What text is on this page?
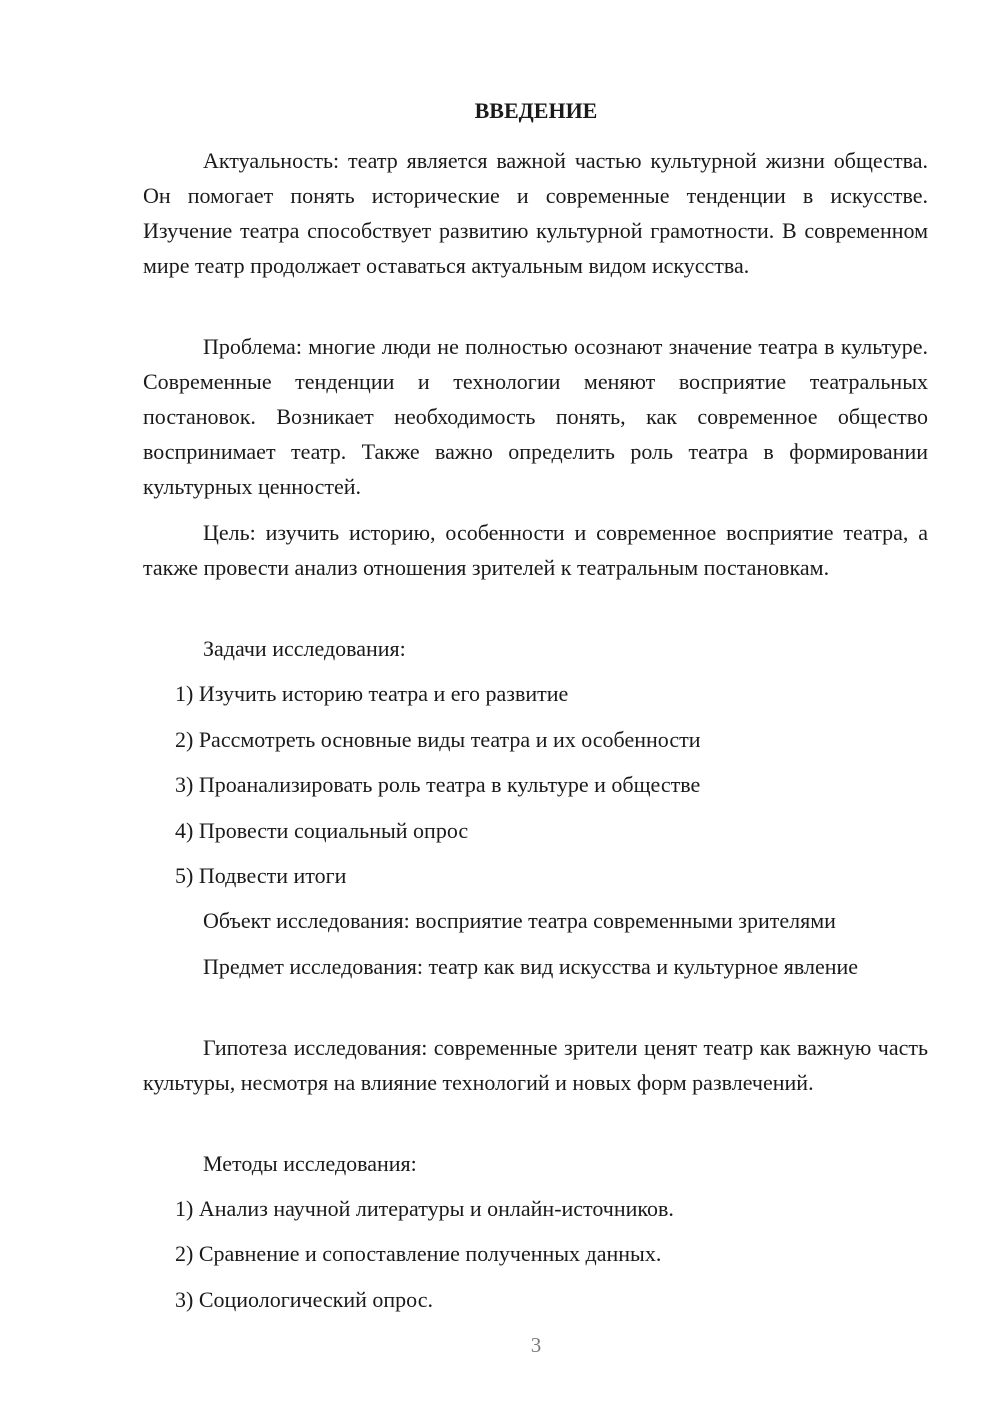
ВВЕДЕНИЕ

Актуальность: театр является важной частью культурной жизни общества. Он помогает понять исторические и современные тенденции в искусстве. Изучение театра способствует развитию культурной грамотности. В современном мире театр продолжает оставаться актуальным видом искусства.

Проблема: многие люди не полностью осознают значение театра в культуре. Современные тенденции и технологии меняют восприятие театральных постановок. Возникает необходимость понять, как современное общество воспринимает театр. Также важно определить роль театра в формировании культурных ценностей.

Цель: изучить историю, особенности и современное восприятие театра, а также провести анализ отношения зрителей к театральным постановкам.

Задачи исследования:

1) Изучить историю театра и его развитие

2) Рассмотреть основные виды театра и их особенности

3) Проанализировать роль театра в культуре и обществе

4) Провести социальный опрос

5) Подвести итоги

Объект исследования: восприятие театра современными зрителями

Предмет исследования: театр как вид искусства и культурное явление

Гипотеза исследования: современные зрители ценят театр как важную часть культуры, несмотря на влияние технологий и новых форм развлечений.

Методы исследования:

1) Анализ научной литературы и онлайн-источников.

2) Сравнение и сопоставление полученных данных.

3) Социологический опрос.

3
